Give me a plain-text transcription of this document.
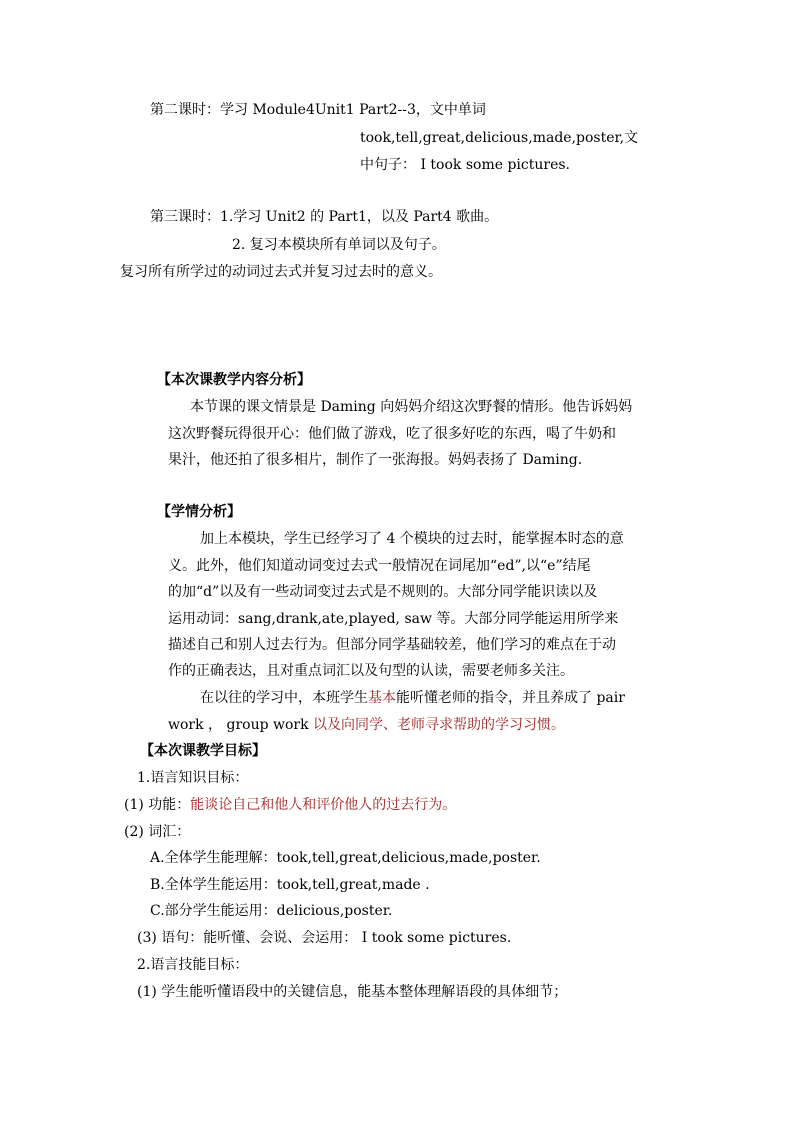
第二课时：学习 Module4Unit1 Part2--3，文中单词
took,tell,great,delicious,made,poster,文
中句子： I took some pictures.
第三课时：1.学习 Unit2 的 Part1，以及 Part4 歌曲。
2. 复习本模块所有单词以及句子。
复习所有所学过的动词过去式并复习过去时的意义。
【本次课教学内容分析】
本节课的课文情景是 Daming 向妈妈介绍这次野餐的情形。他告诉妈妈
这次野餐玩得很开心：他们做了游戏，吃了很多好吃的东西，喝了牛奶和
果汁，他还拍了很多相片，制作了一张海报。妈妈表扬了 Daming.
【学情分析】
加上本模块，学生已经学习了 4 个模块的过去时，能掌握本时态的意
义。此外，他们知道动词变过去式一般情况在词尾加“ed”,以“e”结尾
的加“d”以及有一些动词变过去式是不规则的。大部分同学能识读以及
运用动词：sang,drank,ate,played, saw 等。大部分同学能运用所学来
描述自己和别人过去行为。但部分同学基础较差，他们学习的难点在于动
作的正确表达，且对重点词汇以及句型的认读，需要老师多关注。
在以往的学习中，本班学生基本能听懂老师的指令，并且养成了 pair
work ， group work 以及向同学、老师寻求帮助的学习习惯。
【本次课教学目标】
1.语言知识目标：
(1) 功能：能谈论自己和他人和评价他人的过去行为。
(2) 词汇：
A.全体学生能理解：took,tell,great,delicious,made,poster.
B.全体学生能运用：took,tell,great,made .
C.部分学生能运用：delicious,poster.
(3) 语句：能听懂、会说、会运用： I took some pictures.
2.语言技能目标：
(1) 学生能听懂语段中的关键信息，能基本整体理解语段的具体细节；
